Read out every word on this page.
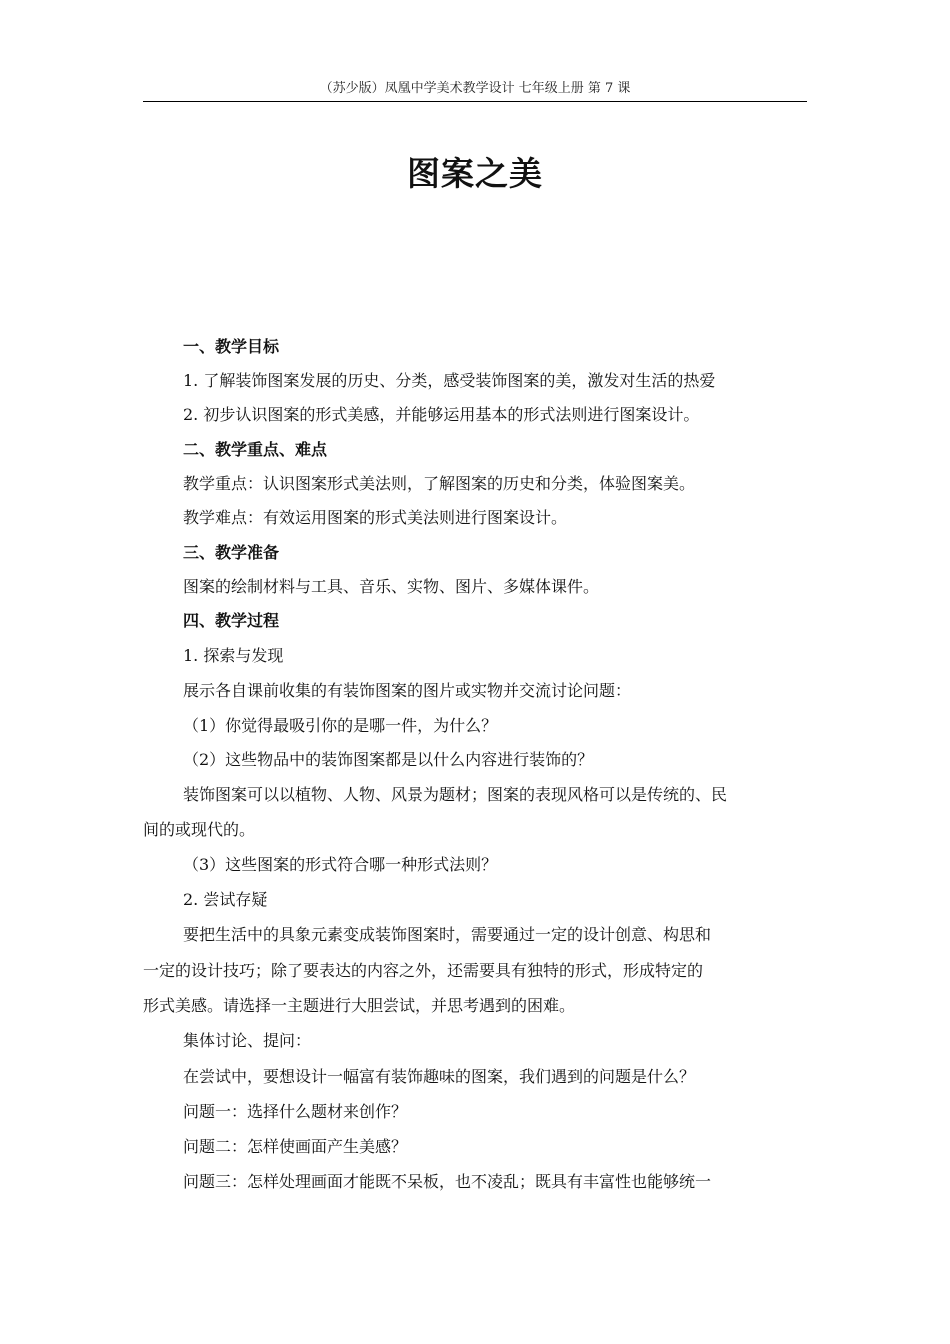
（苏少版）凤凰中学美术教学设计 七年级上册 第 7 课
图案之美
一、教学目标
1. 了解装饰图案发展的历史、分类，感受装饰图案的美，激发对生活的热爱
2. 初步认识图案的形式美感，并能够运用基本的形式法则进行图案设计。
二、教学重点、难点
教学重点：认识图案形式美法则，了解图案的历史和分类，体验图案美。
教学难点：有效运用图案的形式美法则进行图案设计。
三、教学准备
图案的绘制材料与工具、音乐、实物、图片、多媒体课件。
四、教学过程
1. 探索与发现
展示各自课前收集的有装饰图案的图片或实物并交流讨论问题：
（1）你觉得最吸引你的是哪一件，为什么？
（2）这些物品中的装饰图案都是以什么内容进行装饰的？
装饰图案可以以植物、人物、风景为题材；图案的表现风格可以是传统的、民
间的或现代的。
（3）这些图案的形式符合哪一种形式法则？
2. 尝试存疑
要把生活中的具象元素变成装饰图案时，需要通过一定的设计创意、构思和
一定的设计技巧；除了要表达的内容之外，还需要具有独特的形式，形成特定的
形式美感。请选择一主题进行大胆尝试，并思考遇到的困难。
集体讨论、提问：
在尝试中，要想设计一幅富有装饰趣味的图案，我们遇到的问题是什么？
问题一：选择什么题材来创作？
问题二：怎样使画面产生美感？
问题三：怎样处理画面才能既不呆板，也不凌乱；既具有丰富性也能够统一
